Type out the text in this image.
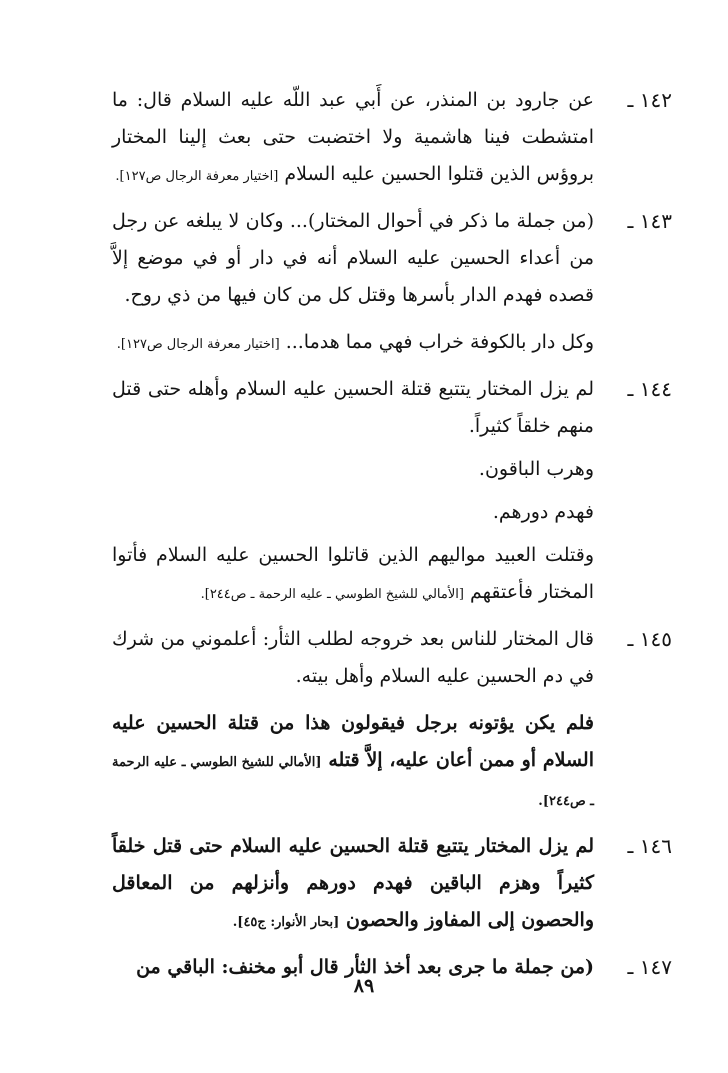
١٤٢ ـ

عن جارود بن المنذر، عن أَبي عبد اللّه عليه السلام قال: ما امتشطت فينا هاشمية ولا اختضبت حتى بعث إلينا المختار بروؤس الذين قتلوا الحسين عليه السلام [اختيار معرفة الرجال ص١٢٧].

١٤٣ ـ

(من جملة ما ذكر في أحوال المختار)... وكان لا يبلغه عن رجل من أعداء الحسين عليه السلام أنه في دار أو في موضع إلاَّ قصده فهدم الدار بأسرها وقتل كل من كان فيها من ذي روح.

وكل دار بالكوفة خراب فهي مما هدما... [اختيار معرفة الرجال ص١٢٧].

١٤٤ ـ

لم يزل المختار يتتبع قتلة الحسين عليه السلام وأهله حتى قتل منهم خلقاً كثيراً.

وهرب الباقون.

فهدم دورهم.

وقتلت العبيد مواليهم الذين قاتلوا الحسين عليه السلام فأتوا المختار فأعتقهم [الأمالي للشيخ الطوسي ـ عليه الرحمة ـ ص٢٤٤].

١٤٥ ـ

قال المختار للناس بعد خروجه لطلب الثأر: أعلموني من شرك في دم الحسين عليه السلام وأهل بيته.

فلم يكن يؤتونه برجل فيقولون هذا من قتلة الحسين عليه السلام أو ممن أعان عليه، إلاَّ قتله [الأمالي للشيخ الطوسي ـ عليه الرحمة ـ ص٢٤٤].

١٤٦ ـ

لم يزل المختار يتتبع قتلة الحسين عليه السلام حتى قتل خلقاً كثيراً وهزم الباقين فهدم دورهم وأنزلهم من المعاقل والحصون إلى المفاوز والحصون [بحار الأنوار: ج٤٥].

١٤٧ ـ

(من جملة ما جرى بعد أخذ الثأر قال أبو مخنف: الباقي من

٨٩
